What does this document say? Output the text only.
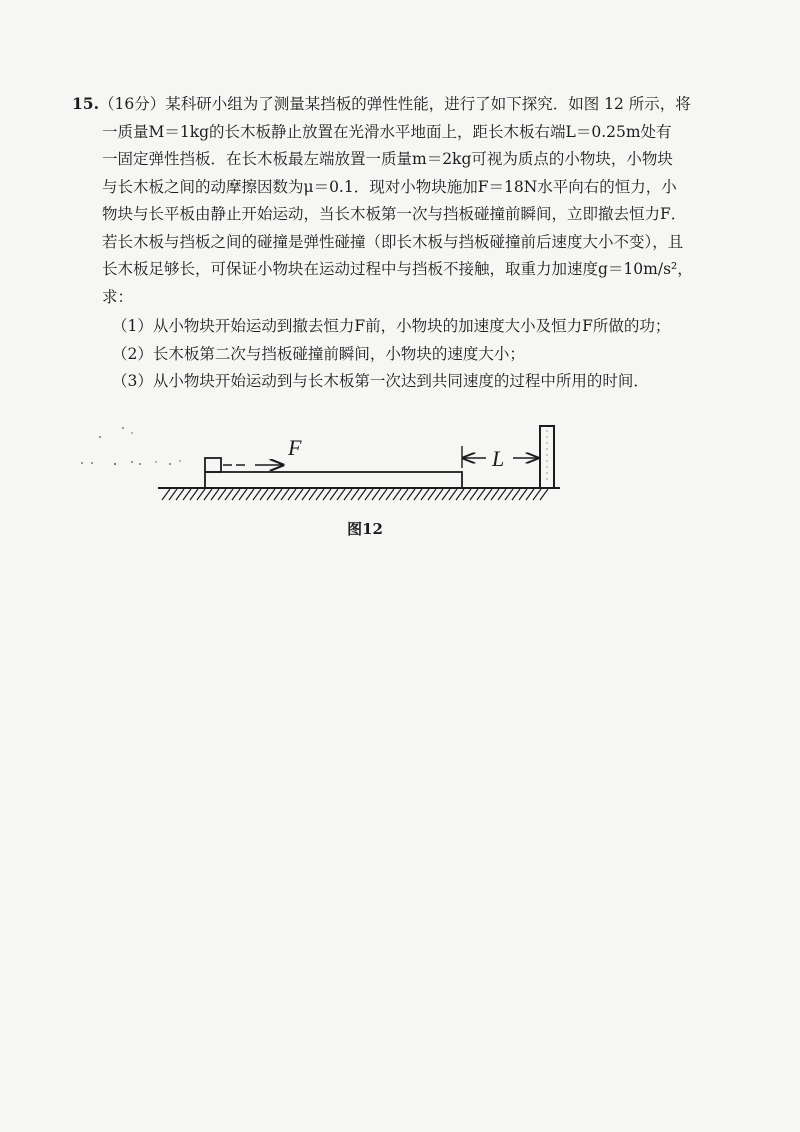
15.（16分）某科研小组为了测量某挡板的弹性性能，进行了如下探究．如图 12 所示，将
一质量M＝1kg的长木板静止放置在光滑水平地面上，距长木板右端L＝0.25m处有
一固定弹性挡板．在长木板最左端放置一质量m＝2kg可视为质点的小物块，小物块
与长木板之间的动摩擦因数为μ＝0.1．现对小物块施加F＝18N水平向右的恒力，小
物块与长平板由静止开始运动，当长木板第一次与挡板碰撞前瞬间，立即撤去恒力F．
若长木板与挡板之间的碰撞是弹性碰撞（即长木板与挡板碰撞前后速度大小不变），且
长木板足够长，可保证小物块在运动过程中与挡板不接触，取重力加速度g＝10m/s²，
求：
（1）从小物块开始运动到撤去恒力F前，小物块的加速度大小及恒力F所做的功；
（2）长木板第二次与挡板碰撞前瞬间，小物块的速度大小；
（3）从小物块开始运动到与长木板第一次达到共同速度的过程中所用的时间．
F	L
图12
